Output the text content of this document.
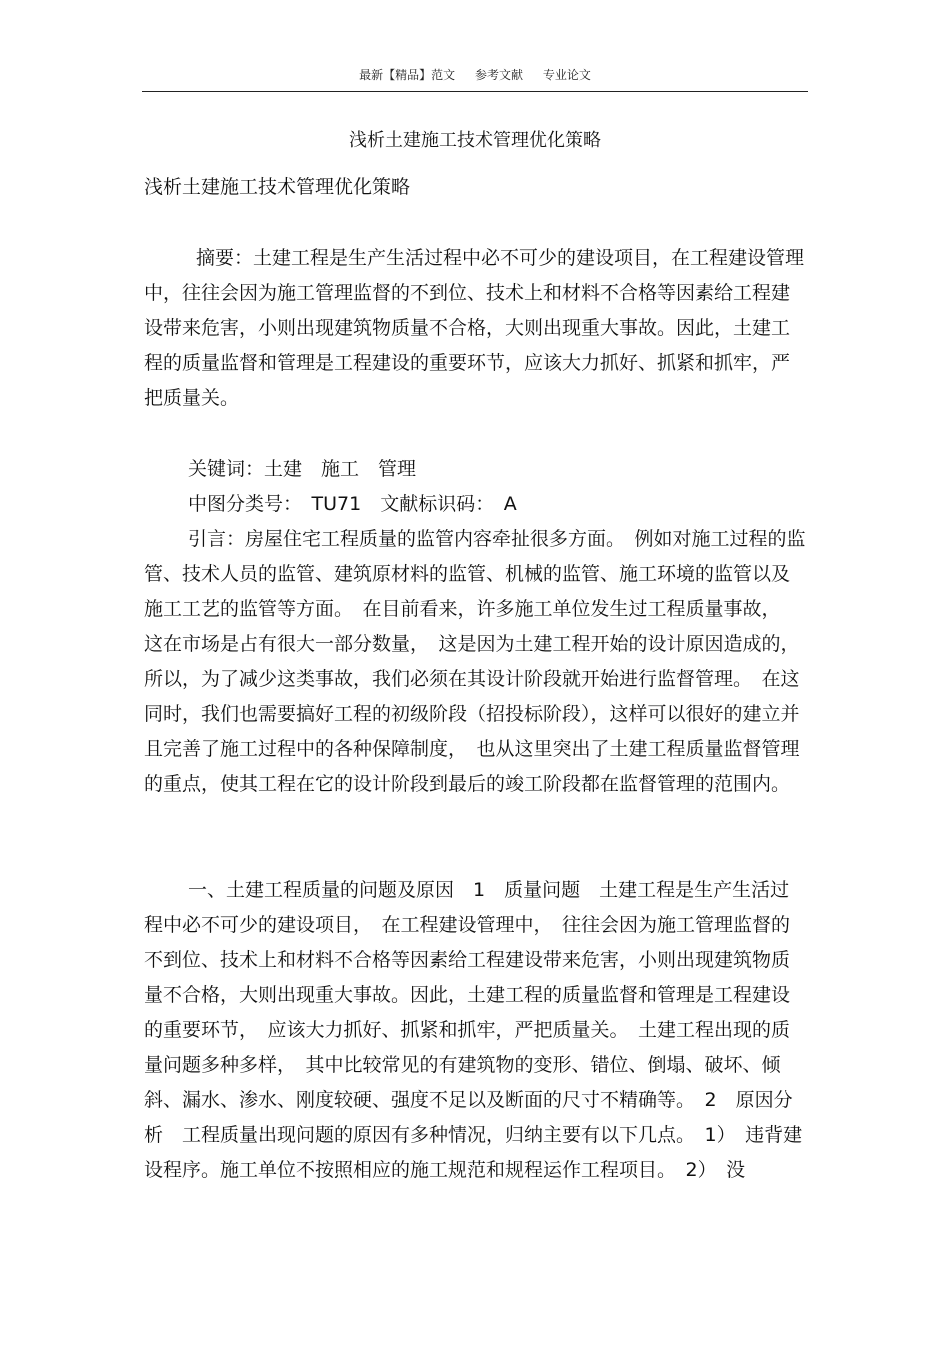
最新【精品】范文 参考文献 专业论文
浅析土建施工技术管理优化策略
浅析土建施工技术管理优化策略

摘要：土建工程是生产生活过程中必不可少的建设项目，在工程建设管理中，往往会因为施工管理监督的不到位、技术上和材料不合格等因素给工程建设带来危害，小则出现建筑物质量不合格，大则出现重大事故。因此，土建工程的质量监督和管理是工程建设的重要环节，应该大力抓好、抓紧和抓牢，严把质量关。

关键词：土建　施工　管理
中图分类号：　TU71　文献标识码：　A

引言：房屋住宅工程质量的监管内容牵扯很多方面。　例如对施工过程的监管、技术人员的监管、建筑原材料的监管、机械的监管、施工环境的监管以及施工工艺的监管等方面。　在目前看来，许多施工单位发生过工程质量事故，　这在市场是占有很大一部分数量，　这是因为土建工程开始的设计原因造成的，所以，为了减少这类事故，我们必须在其设计阶段就开始进行监督管理。　在这同时，我们也需要搞好工程的初级阶段（招投标阶段），这样可以很好的建立并且完善了施工过程中的各种保障制度，　也从这里突出了土建工程质量监督管理的重点，使其工程在它的设计阶段到最后的竣工阶段都在监督管理的范围内。

一、土建工程质量的问题及原因　1　质量问题　土建工程是生产生活过程中必不可少的建设项目，　在工程建设管理中，　往往会因为施工管理监督的不到位、技术上和材料不合格等因素给工程建设带来危害，小则出现建筑物质量不合格，大则出现重大事故。因此，土建工程的质量监督和管理是工程建设的重要环节，　应该大力抓好、抓紧和抓牢，严把质量关。　土建工程出现的质量问题多种多样，　其中比较常见的有建筑物的变形、错位、倒塌、破坏、倾斜、漏水、渗水、刚度较硬、强度不足以及断面的尺寸不精确等。　2　原因分析　工程质量出现问题的原因有多种情况，归纳主要有以下几点。　1）　违背建设程序。施工单位不按照相应的施工规范和规程运作工程项目。　2）　没
